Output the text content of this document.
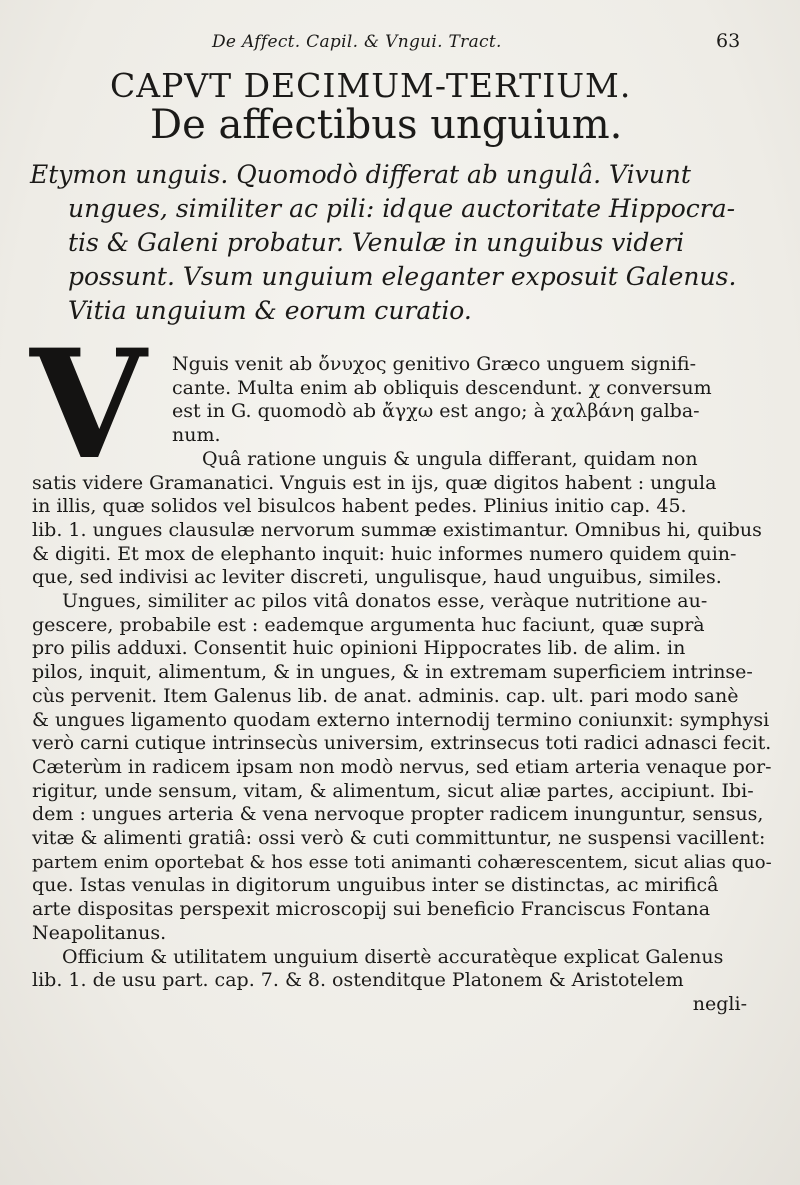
De Affect. Capil. & Vngui. Tract.	63
CAPVT DECIMUM-TERTIUM.
De affectibus unguium.
Etymon unguis. Quomodò differat ab ungulâ. Vivunt
ungues, similiter ac pili: idque auctoritate Hippocra-
tis & Galeni probatur. Venulæ in unguibus videri
possunt. Vsum unguium eleganter exposuit Galenus.
Vitia unguium & eorum curatio.
V	Nguis venit ab ὄνυχος genitivo Græco unguem signifi-
cante. Multa enim ab obliquis descendunt. χ conversum
est in G. quomodò ab ἄγχω est ango; à χαλβάνη galba-
num.
Quâ ratione unguis & ungula differant, quidam non
satis videre Gramanatici. Vnguis est in ijs, quæ digitos habent : ungula
in illis, quæ solidos vel bisulcos habent pedes. Plinius initio cap. 45.
lib. 1. ungues clausulæ nervorum summæ existimantur. Omnibus hi, quibus
& digiti. Et mox de elephanto inquit: huic informes numero quidem quin-
que, sed indivisi ac leviter discreti, ungulisque, haud unguibus, similes.
Ungues, similiter ac pilos vitâ donatos esse, veràque nutritione au-
gescere, probabile est : eademque argumenta huc faciunt, quæ suprà
pro pilis adduxi. Consentit huic opinioni Hippocrates lib. de alim. in
pilos, inquit, alimentum, & in ungues, & in extremam superficiem intrinse-
cùs pervenit. Item Galenus lib. de anat. adminis. cap. ult. pari modo sanè
& ungues ligamento quodam externo internodij termino coniunxit: symphysi
verò carni cutique intrinsecùs universim, extrinsecus toti radici adnasci fecit.
Cæterùm in radicem ipsam non modò nervus, sed etiam arteria venaque por-
rigitur, unde sensum, vitam, & alimentum, sicut aliæ partes, accipiunt. Ibi-
dem : ungues arteria & vena nervoque propter radicem inunguntur, sensus,
vitæ & alimenti gratiâ: ossi verò & cuti committuntur, ne suspensi vacillent:
partem enim oportebat & hos esse toti animanti cohærescentem, sicut alias quo-
que. Istas venulas in digitorum unguibus inter se distinctas, ac mirificâ
arte dispositas perspexit microscopij sui beneficio Franciscus Fontana
Neapolitanus.
Officium & utilitatem unguium disertè accuratèque explicat Galenus
lib. 1. de usu part. cap. 7. & 8. ostenditque Platonem & Aristotelem
negli-
